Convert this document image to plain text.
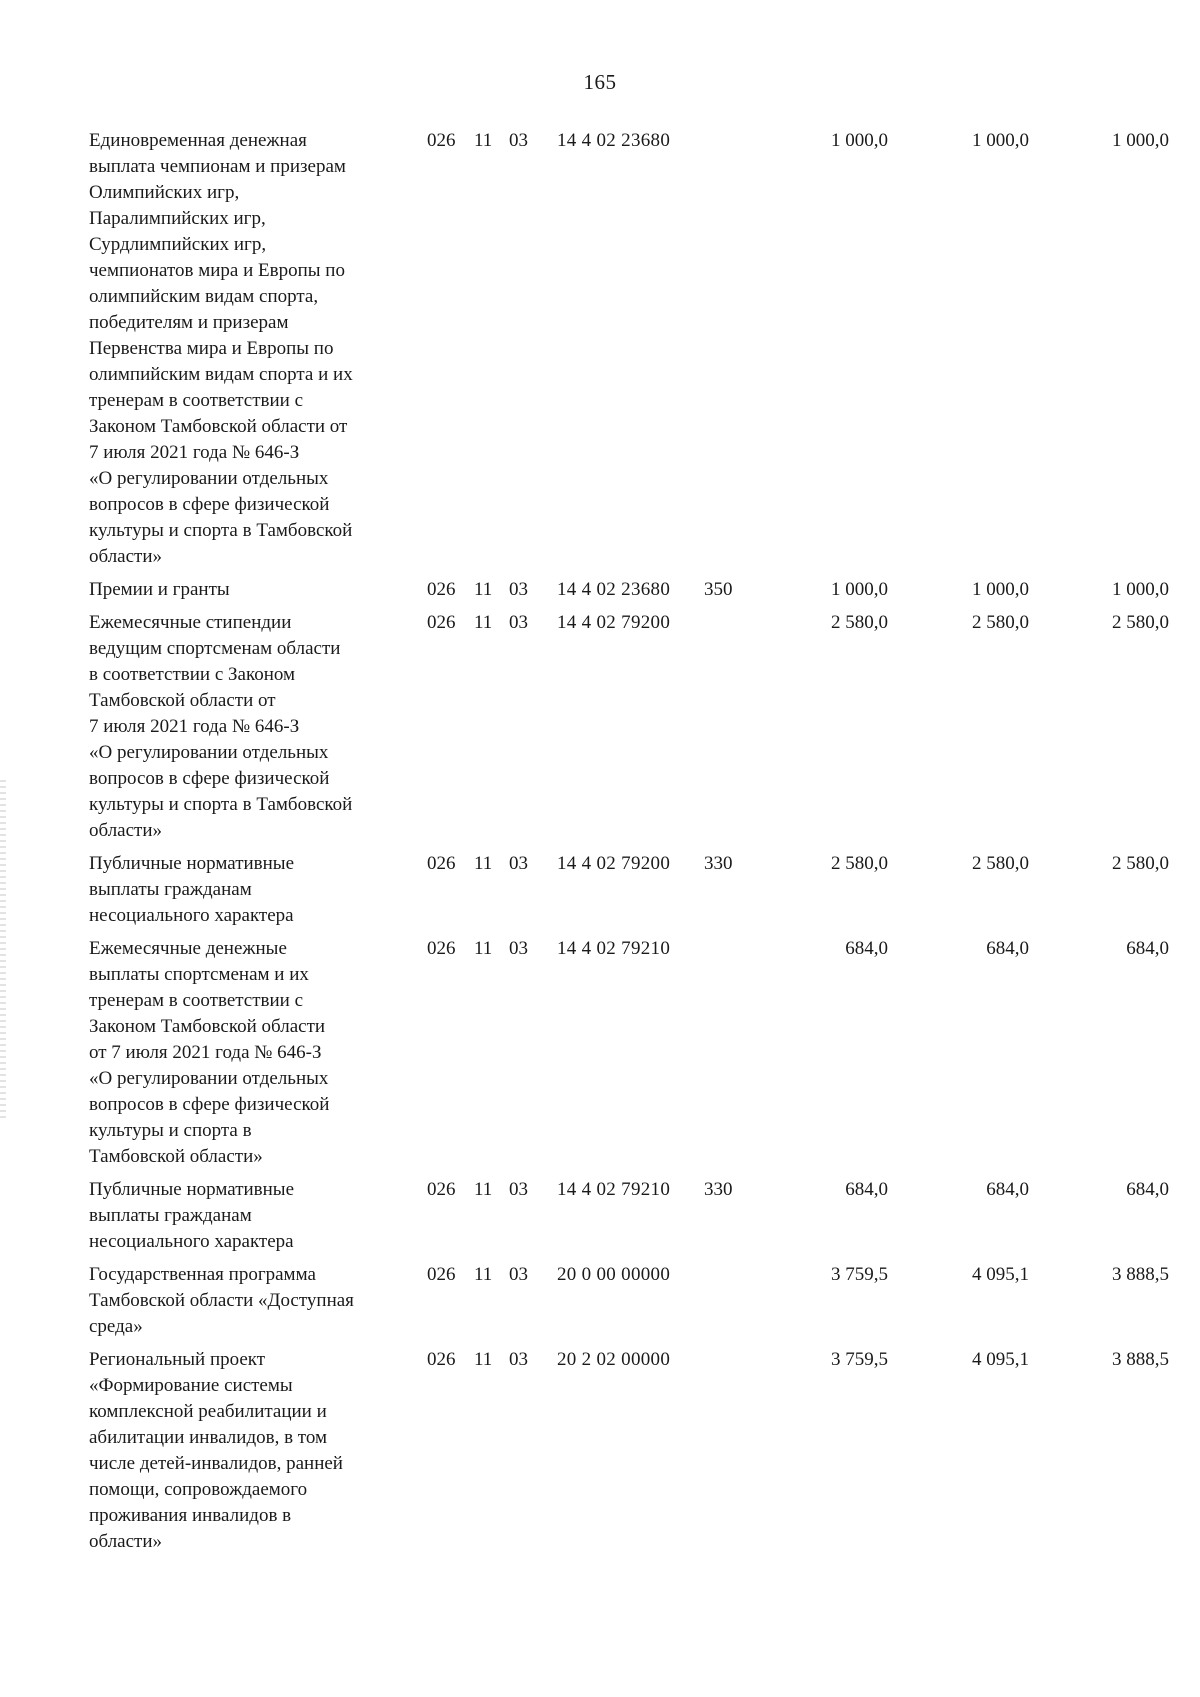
165
Единовременная денежная
выплата чемпионам и призерам
Олимпийских игр,
Паралимпийских игр,
Сурдлимпийских игр,
чемпионатов мира и Европы по
олимпийским видам спорта,
победителям и призерам
Первенства мира и Европы по
олимпийским видам спорта и их
тренерам в соответствии с
Законом Тамбовской области от
7 июля 2021 года № 646-З
«О регулировании отдельных
вопросов в сфере физической
культуры и спорта в Тамбовской
области»
026 11 03 14 4 02 23680	1 000,0	1 000,0	1 000,0
Премии и гранты	026 11 03 14 4 02 23680 350	1 000,0	1 000,0	1 000,0
Ежемесячные стипендии
ведущим спортсменам области
в соответствии с Законом
Тамбовской области от
7 июля 2021 года № 646-З
«О регулировании отдельных
вопросов в сфере физической
культуры и спорта в Тамбовской
области»
026 11 03 14 4 02 79200	2 580,0	2 580,0	2 580,0
Публичные нормативные
выплаты гражданам
несоциального характера
026 11 03 14 4 02 79200 330	2 580,0	2 580,0	2 580,0
Ежемесячные денежные
выплаты спортсменам и их
тренерам в соответствии с
Законом Тамбовской области
от 7 июля 2021 года № 646-З
«О регулировании отдельных
вопросов в сфере физической
культуры и спорта в
Тамбовской области»
026 11 03 14 4 02 79210	684,0	684,0	684,0
Публичные нормативные
выплаты гражданам
несоциального характера
026 11 03 14 4 02 79210 330	684,0	684,0	684,0
Государственная программа
Тамбовской области «Доступная
среда»
026 11 03 20 0 00 00000	3 759,5	4 095,1	3 888,5
Региональный проект
«Формирование системы
комплексной реабилитации и
абилитации инвалидов, в том
числе детей-инвалидов, ранней
помощи, сопровождаемого
проживания инвалидов в
области»
026 11 03 20 2 02 00000	3 759,5	4 095,1	3 888,5
